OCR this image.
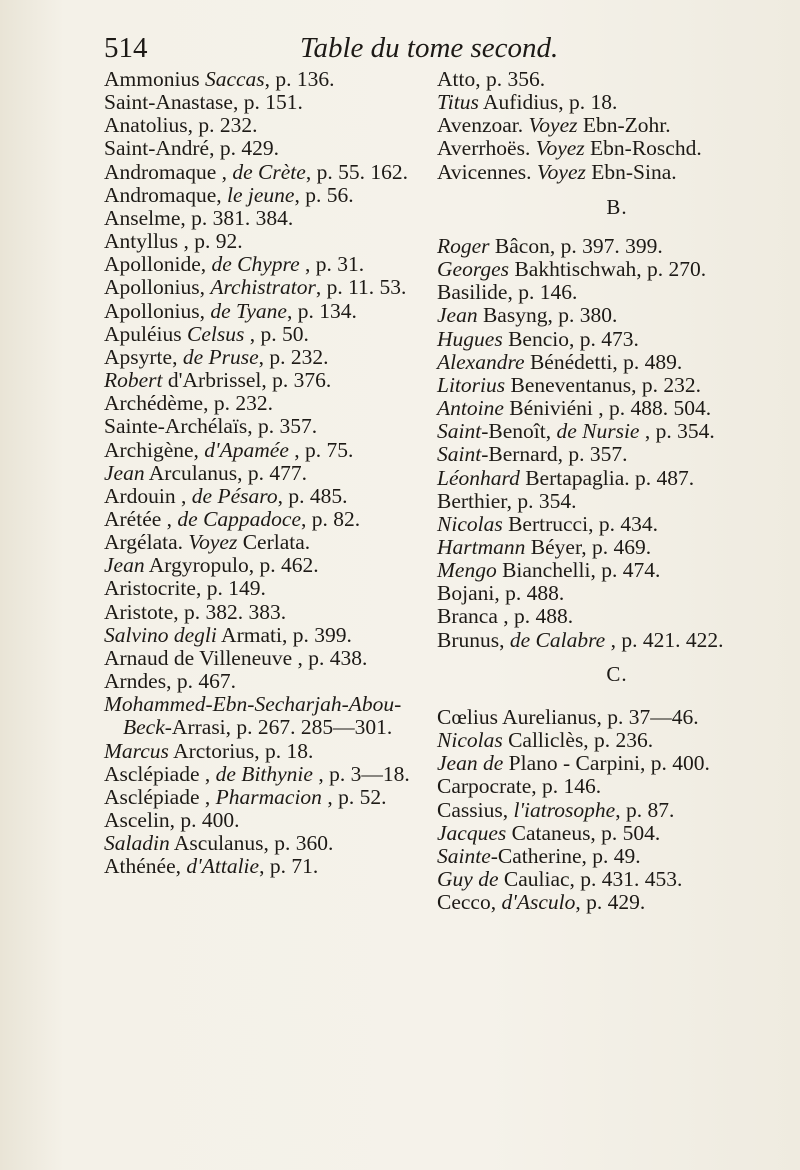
514	Table du tome second.
Ammonius Saccas, p. 136.
Saint-Anastase, p. 151.
Anatolius, p. 232.
Saint-André, p. 429.
Andromaque , de Crète, p. 55. 162.
Andromaque, le jeune, p. 56.
Anselme, p. 381. 384.
Antyllus , p. 92.
Apollonide, de Chypre , p. 31.
Apollonius, Archistrator, p. 11. 53.
Apollonius, de Tyane, p. 134.
Apuléius Celsus , p. 50.
Apsyrte, de Pruse, p. 232.
Robert d'Arbrissel, p. 376.
Archédème, p. 232.
Sainte-Archélaïs, p. 357.
Archigène, d'Apamée , p. 75.
Jean Arculanus, p. 477.
Ardouin , de Pésaro, p. 485.
Arétée , de Cappadoce, p. 82.
Argélata. Voyez Cerlata.
Jean Argyropulo, p. 462.
Aristocrite, p. 149.
Aristote, p. 382. 383.
Salvino degli Armati, p. 399.
Arnaud de Villeneuve , p. 438.
Arndes, p. 467.
Mohammed-Ebn-Secharjah-Abou-Beck-Arrasi, p. 267. 285—301.
Marcus Arctorius, p. 18.
Asclépiade , de Bithynie , p. 3—18.
Asclépiade , Pharmacion , p. 52.
Ascelin, p. 400.
Saladin Asculanus, p. 360.
Athénée, d'Attalie, p. 71.
Atto, p. 356.
Titus Aufidius, p. 18.
Avenzoar. Voyez Ebn-Zohr.
Averrhoës. Voyez Ebn-Roschd.
Avicennes. Voyez Ebn-Sina.
B.
Roger Bâcon, p. 397. 399.
Georges Bakhtischwah, p. 270.
Basilide, p. 146.
Jean Basyng, p. 380.
Hugues Bencio, p. 473.
Alexandre Bénédetti, p. 489.
Litorius Beneventanus, p. 232.
Antoine Béniviéni , p. 488. 504.
Saint-Benoît, de Nursie , p. 354.
Saint-Bernard, p. 357.
Léonhard Bertapaglia. p. 487.
Berthier, p. 354.
Nicolas Bertrucci, p. 434.
Hartmann Béyer, p. 469.
Mengo Bianchelli, p. 474.
Bojani, p. 488.
Branca , p. 488.
Brunus, de Calabre , p. 421. 422.
C.
Cœlius Aurelianus, p. 37—46.
Nicolas Calliclès, p. 236.
Jean de Plano - Carpini, p. 400.
Carpocrate, p. 146.
Cassius, l'iatrosophe, p. 87.
Jacques Cataneus, p. 504.
Sainte-Catherine, p. 49.
Guy de Cauliac, p. 431. 453.
Cecco, d'Asculo, p. 429.
